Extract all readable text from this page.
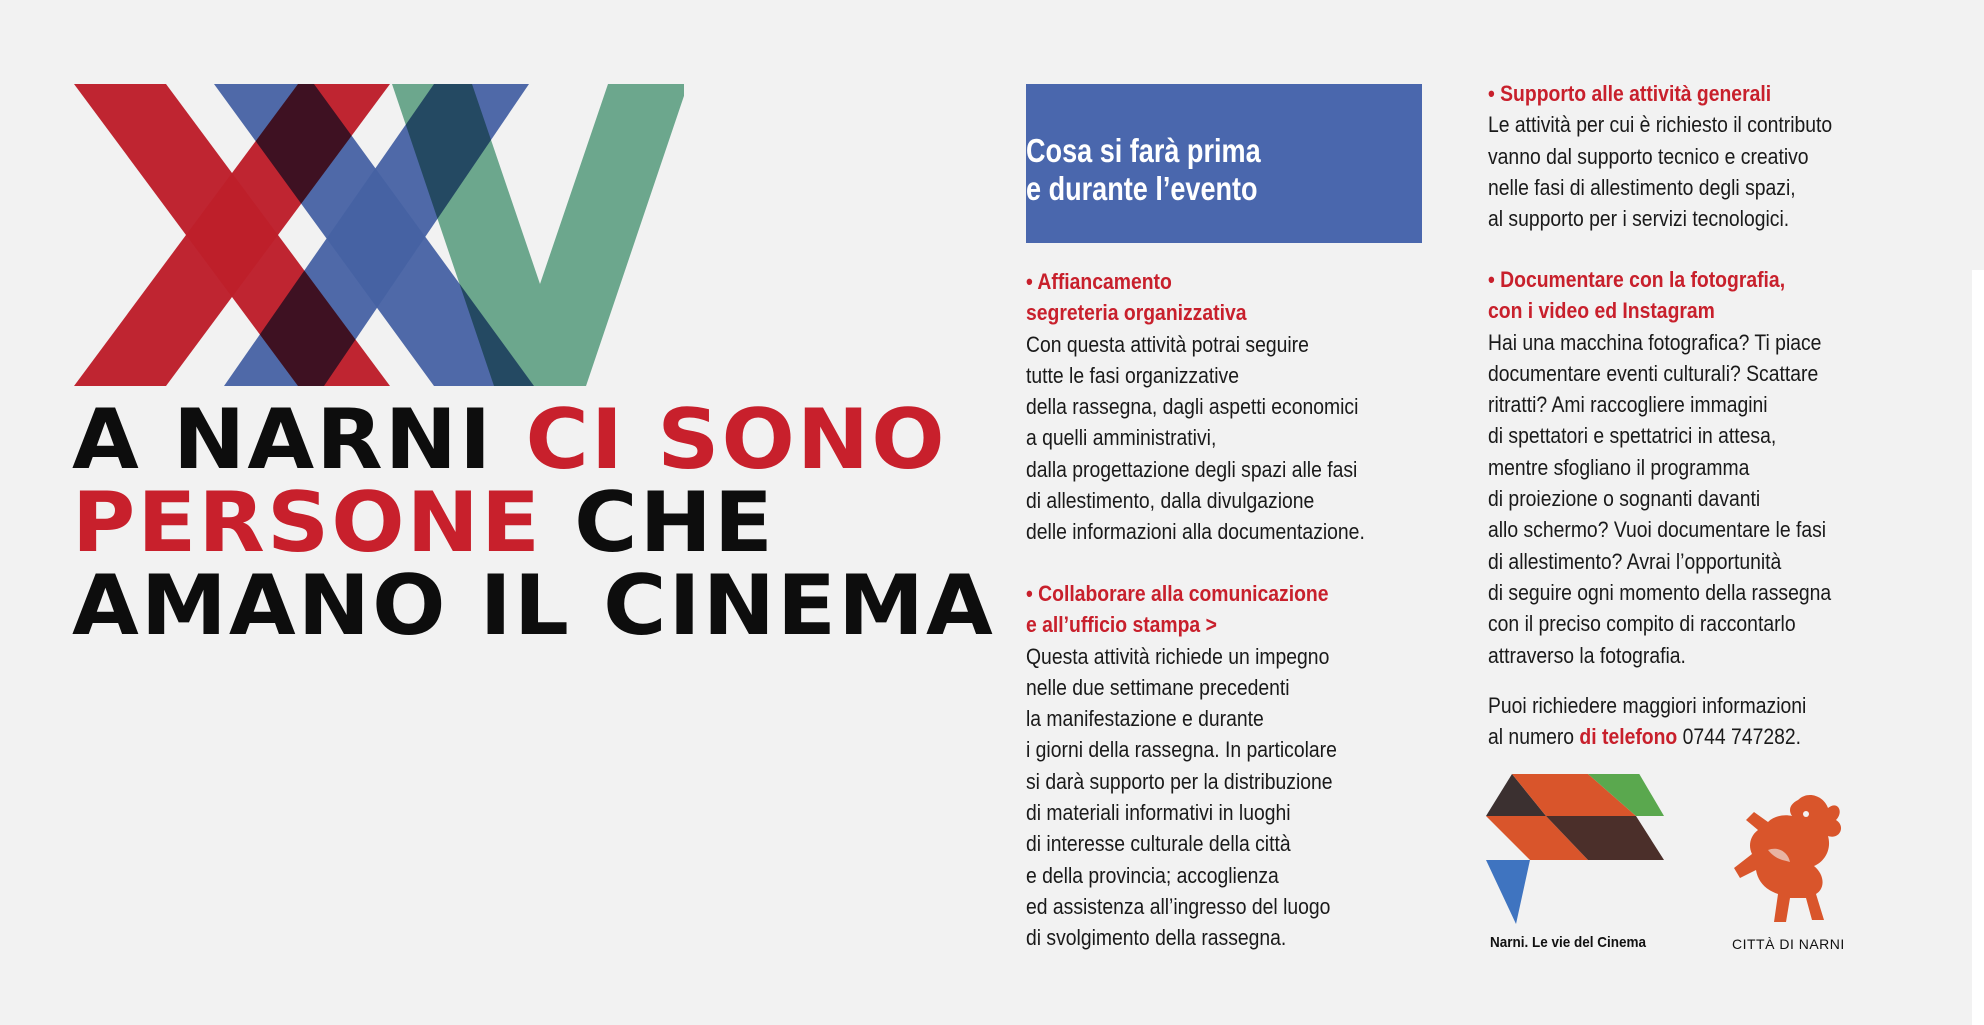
A NARNI CI SONO
PERSONE CHE
AMANO IL CINEMA
Cosa si farà prima
e durante l’evento
• Affiancamento
segreteria organizzativa
Con questa attività potrai seguire
tutte le fasi organizzative
della rassegna, dagli aspetti economici
a quelli amministrativi,
dalla progettazione degli spazi alle fasi
di allestimento, dalla divulgazione
delle informazioni alla documentazione.
• Collaborare alla comunicazione
e all’ufficio stampa >
Questa attività richiede un impegno
nelle due settimane precedenti
la manifestazione e durante
i giorni della rassegna. In particolare
si darà supporto per la distribuzione
di materiali informativi in luoghi
di interesse culturale della città
e della provincia; accoglienza
ed assistenza all’ingresso del luogo
di svolgimento della rassegna.
• Supporto alle attività generali
Le attività per cui è richiesto il contributo
vanno dal supporto tecnico e creativo
nelle fasi di allestimento degli spazi,
al supporto per i servizi tecnologici.
• Documentare con la fotografia,
con i video ed Instagram
Hai una macchina fotografica? Ti piace
documentare eventi culturali? Scattare
ritratti? Ami raccogliere immagini
di spettatori e spettatrici in attesa,
mentre sfogliano il programma
di proiezione o sognanti davanti
allo schermo? Vuoi documentare le fasi
di allestimento? Avrai l’opportunità
di seguire ogni momento della rassegna
con il preciso compito di raccontarlo
attraverso la fotografia.
Puoi richiedere maggiori informazioni
al numero di telefono 0744 747282.
Narni. Le vie del Cinema	CITTÀ DI NARNI
